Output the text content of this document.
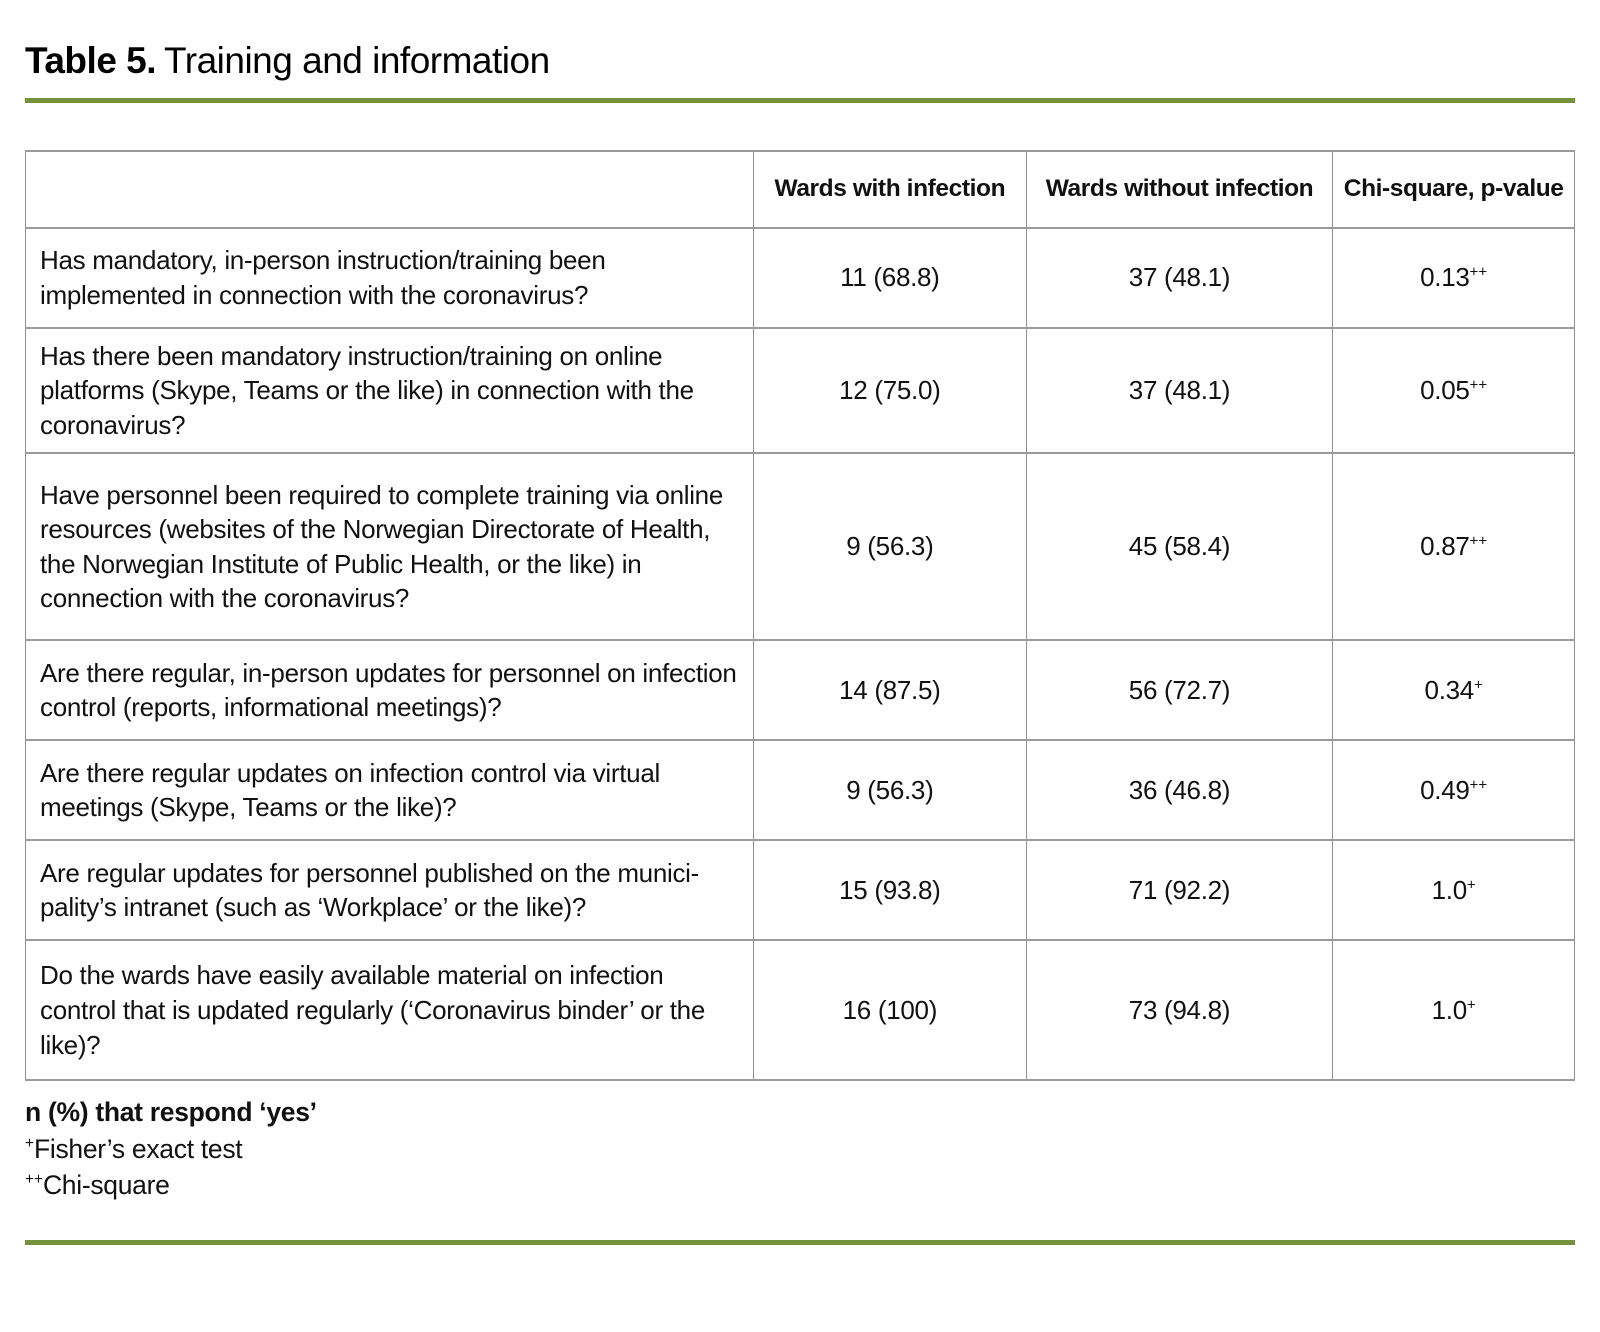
Table 5. Training and information
	Wards with infection	Wards without infection	Chi-square, p-value
Has mandatory, in-person instruction/training been implemented in connection with the coronavirus?	11 (68.8)	37 (48.1)	0.13++
Has there been mandatory instruction/training on online platforms (Skype, Teams or the like) in connection with the coronavirus?	12 (75.0)	37 (48.1)	0.05++
Have personnel been required to complete training via online resources (websites of the Norwegian Directorate of Health, the Norwegian Institute of Public Health, or the like) in connection with the coronavirus?	9 (56.3)	45 (58.4)	0.87++
Are there regular, in-person updates for personnel on infection control (reports, informational meetings)?	14 (87.5)	56 (72.7)	0.34+
Are there regular updates on infection control via virtual meetings (Skype, Teams or the like)?	9 (56.3)	36 (46.8)	0.49++
Are regular updates for personnel published on the munici-pality’s intranet (such as ‘Workplace’ or the like)?	15 (93.8)	71 (92.2)	1.0+
Do the wards have easily available material on infection control that is updated regularly (‘Coronavirus binder’ or the like)?	16 (100)	73 (94.8)	1.0+
n (%) that respond ‘yes’
+Fisher’s exact test
++Chi-square
